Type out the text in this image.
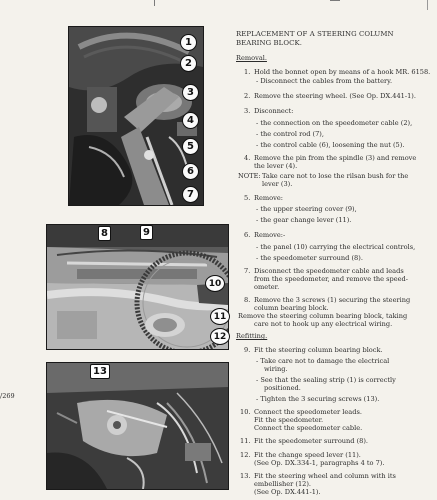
/269
1
2
3
4
5
6
7
8	9
10
11
12
13
REPLACEMENT OF A STEERING COLUMN
BEARING BLOCK.
Removal.
1. Hold the bonnet open by means of a hook MR. 6158.
- Disconnect the cables from the battery.
2. Remove the steering wheel. (See Op. DX.441-1).
3. Disconnect:
- the connection on the speedometer cable (2),
- the control rod (7),
- the control cable (6), loosening the nut (5).
4. Remove the pin from the spindle (3) and remove
the lever (4).
NOTE: Take care not to lose the rilsan bush for the
lever (3).
5. Remove:
- the upper steering cover (9),
- the gear change lever (11).
6. Remove:-
- the panel (10) carrying the electrical controls,
- the speedometer surround (8).
7. Disconnect the speedometer cable and leads
from the speedometer, and remove the speed-
ometer.
8. Remove the 3 screws (1) securing the steering
column bearing block.
Remove the steering column bearing block, taking
care not to hook up any electrical wiring.
Refitting.
9. Fit the steering column bearing block.
- Take care not to damage the electrical
wiring.
- See that the sealing strip (1) is correctly
positioned.
- Tighten the 3 securing screws (13).
10. Connect the speedometer leads.
Fit the speedometer.
Connect the speedometer cable.
11. Fit the speedometer surround (8).
12. Fit the change speed lever (11).
(See Op. DX.334-1, paragraphs 4 to 7).
13. Fit the steering wheel and column with its
embellisher (12).
(See Op. DX.441-1).
